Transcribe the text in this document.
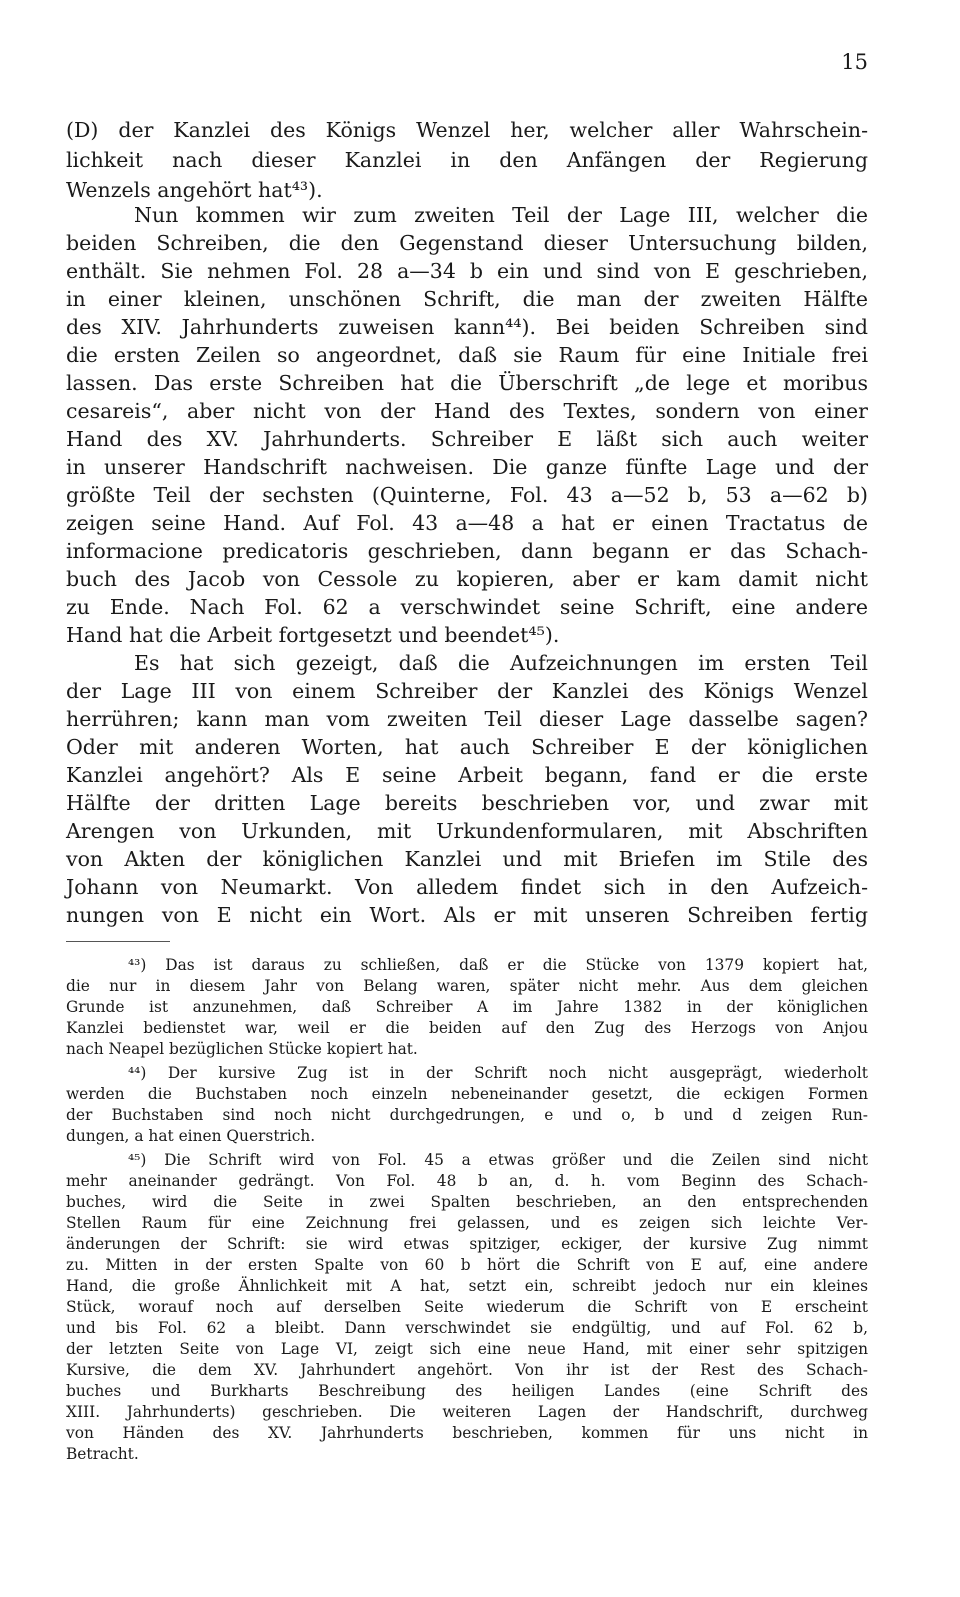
15
(D) der Kanzlei des Königs Wenzel her, welcher aller Wahrschein-
lichkeit nach dieser Kanzlei in den Anfängen der Regierung
Wenzels angehört hat⁴³).
Nun kommen wir zum zweiten Teil der Lage III, welcher die
beiden Schreiben, die den Gegenstand dieser Untersuchung bilden,
enthält. Sie nehmen Fol. 28 a—34 b ein und sind von E geschrieben,
in einer kleinen, unschönen Schrift, die man der zweiten Hälfte
des XIV. Jahrhunderts zuweisen kann⁴⁴). Bei beiden Schreiben sind
die ersten Zeilen so angeordnet, daß sie Raum für eine Initiale frei
lassen. Das erste Schreiben hat die Überschrift „de lege et moribus
cesareis“, aber nicht von der Hand des Textes, sondern von einer
Hand des XV. Jahrhunderts. Schreiber E läßt sich auch weiter
in unserer Handschrift nachweisen. Die ganze fünfte Lage und der
größte Teil der sechsten (Quinterne, Fol. 43 a—52 b, 53 a—62 b)
zeigen seine Hand. Auf Fol. 43 a—48 a hat er einen Tractatus de
informacione predicatoris geschrieben, dann begann er das Schach-
buch des Jacob von Cessole zu kopieren, aber er kam damit nicht
zu Ende. Nach Fol. 62 a verschwindet seine Schrift, eine andere
Hand hat die Arbeit fortgesetzt und beendet⁴⁵).
Es hat sich gezeigt, daß die Aufzeichnungen im ersten Teil
der Lage III von einem Schreiber der Kanzlei des Königs Wenzel
herrühren; kann man vom zweiten Teil dieser Lage dasselbe sagen?
Oder mit anderen Worten, hat auch Schreiber E der königlichen
Kanzlei angehört? Als E seine Arbeit begann, fand er die erste
Hälfte der dritten Lage bereits beschrieben vor, und zwar mit
Arengen von Urkunden, mit Urkundenformularen, mit Abschriften
von Akten der königlichen Kanzlei und mit Briefen im Stile des
Johann von Neumarkt. Von alledem findet sich in den Aufzeich-
nungen von E nicht ein Wort. Als er mit unseren Schreiben fertig
⁴³) Das ist daraus zu schließen, daß er die Stücke von 1379 kopiert hat,
die nur in diesem Jahr von Belang waren, später nicht mehr. Aus dem gleichen
Grunde ist anzunehmen, daß Schreiber A im Jahre 1382 in der königlichen
Kanzlei bedienstet war, weil er die beiden auf den Zug des Herzogs von Anjou
nach Neapel bezüglichen Stücke kopiert hat.
⁴⁴) Der kursive Zug ist in der Schrift noch nicht ausgeprägt, wiederholt
werden die Buchstaben noch einzeln nebeneinander gesetzt, die eckigen Formen
der Buchstaben sind noch nicht durchgedrungen, e und o, b und d zeigen Run-
dungen, a hat einen Querstrich.
⁴⁵) Die Schrift wird von Fol. 45 a etwas größer und die Zeilen sind nicht
mehr aneinander gedrängt. Von Fol. 48 b an, d. h. vom Beginn des Schach-
buches, wird die Seite in zwei Spalten beschrieben, an den entsprechenden
Stellen Raum für eine Zeichnung frei gelassen, und es zeigen sich leichte Ver-
änderungen der Schrift: sie wird etwas spitziger, eckiger, der kursive Zug nimmt
zu. Mitten in der ersten Spalte von 60 b hört die Schrift von E auf, eine andere
Hand, die große Ähnlichkeit mit A hat, setzt ein, schreibt jedoch nur ein kleines
Stück, worauf noch auf derselben Seite wiederum die Schrift von E erscheint
und bis Fol. 62 a bleibt. Dann verschwindet sie endgültig, und auf Fol. 62 b,
der letzten Seite von Lage VI, zeigt sich eine neue Hand, mit einer sehr spitzigen
Kursive, die dem XV. Jahrhundert angehört. Von ihr ist der Rest des Schach-
buches und Burkharts Beschreibung des heiligen Landes (eine Schrift des
XIII. Jahrhunderts) geschrieben. Die weiteren Lagen der Handschrift, durchweg
von Händen des XV. Jahrhunderts beschrieben, kommen für uns nicht in
Betracht.
